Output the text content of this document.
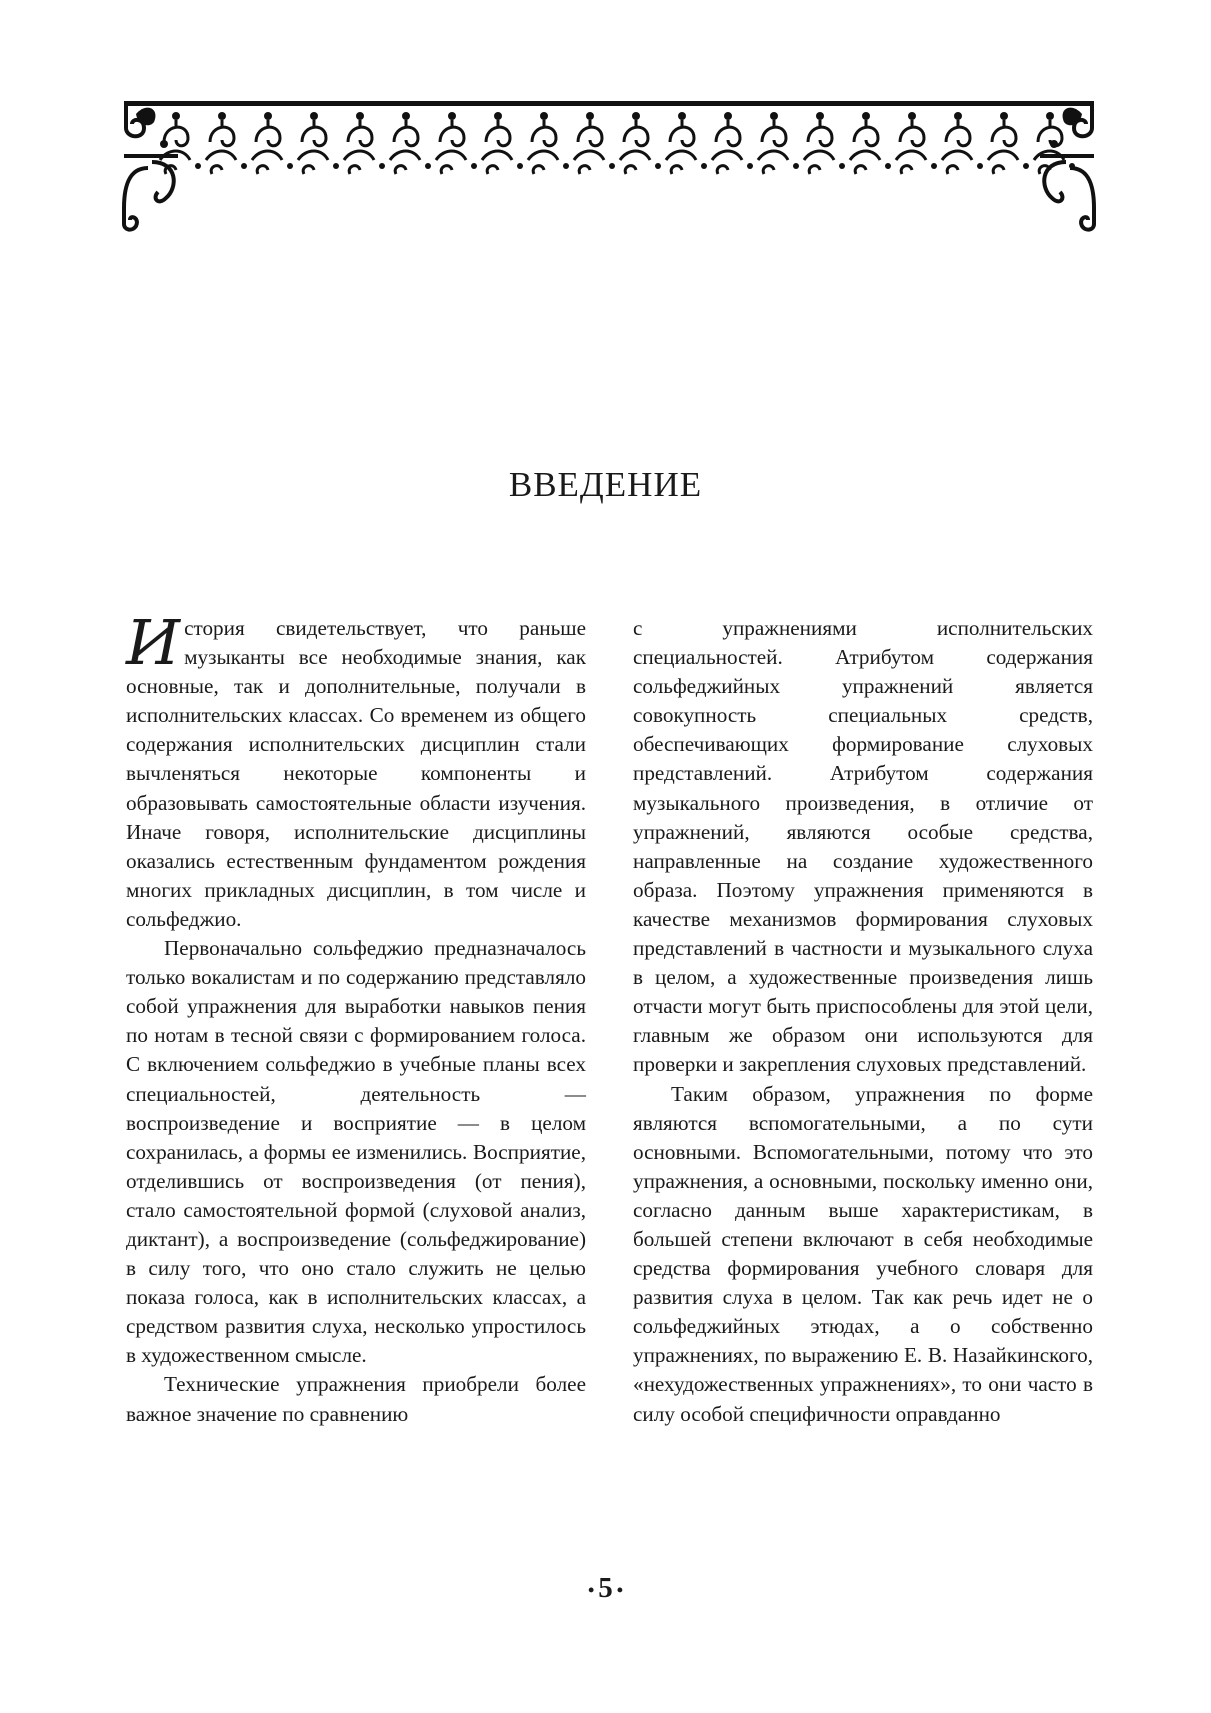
ВВЕДЕНИЕ

История свидетельствует, что раньше музыканты все необходимые знания, как основные, так и дополнительные, получали в исполнительских классах. Со временем из общего содержания исполнительских дисциплин стали вычленяться некоторые компоненты и образовывать самостоятельные области изучения. Иначе говоря, исполнительские дисциплины оказались естественным фундаментом рождения многих прикладных дисциплин, в том числе и сольфеджио.

Первоначально сольфеджио предназначалось только вокалистам и по содержанию представляло собой упражнения для выработки навыков пения по нотам в тесной связи с формированием голоса. С включением сольфеджио в учебные планы всех специальностей, деятельность — воспроизведение и восприятие — в целом сохранилась, а формы ее изменились. Восприятие, отделившись от воспроизведения (от пения), стало самостоятельной формой (слуховой анализ, диктант), а воспроизведение (сольфеджирование) в силу того, что оно стало служить не целью показа голоса, как в исполнительских классах, а средством развития слуха, несколько упростилось в художественном смысле.

Технические упражнения приобрели более важное значение по сравнению

с упражнениями исполнительских специальностей. Атрибутом содержания сольфеджийных упражнений является совокупность специальных средств, обеспечивающих формирование слуховых представлений. Атрибутом содержания музыкального произведения, в отличие от упражнений, являются особые средства, направленные на создание художественного образа. Поэтому упражнения применяются в качестве механизмов формирования слуховых представлений в частности и музыкального слуха в целом, а художественные произведения лишь отчасти могут быть приспособлены для этой цели, главным же образом они используются для проверки и закрепления слуховых представлений.

Таким образом, упражнения по форме являются вспомогательными, а по сути основными. Вспомогательными, потому что это упражнения, а основными, поскольку именно они, согласно данным выше характеристикам, в большей степени включают в себя необходимые средства формирования учебного словаря для развития слуха в целом. Так как речь идет не о сольфеджийных этюдах, а о собственно упражнениях, по выражению Е. В. Назайкинского, «нехудожественных упражнениях», то они часто в силу особой специфичности оправданно

• 5 •
